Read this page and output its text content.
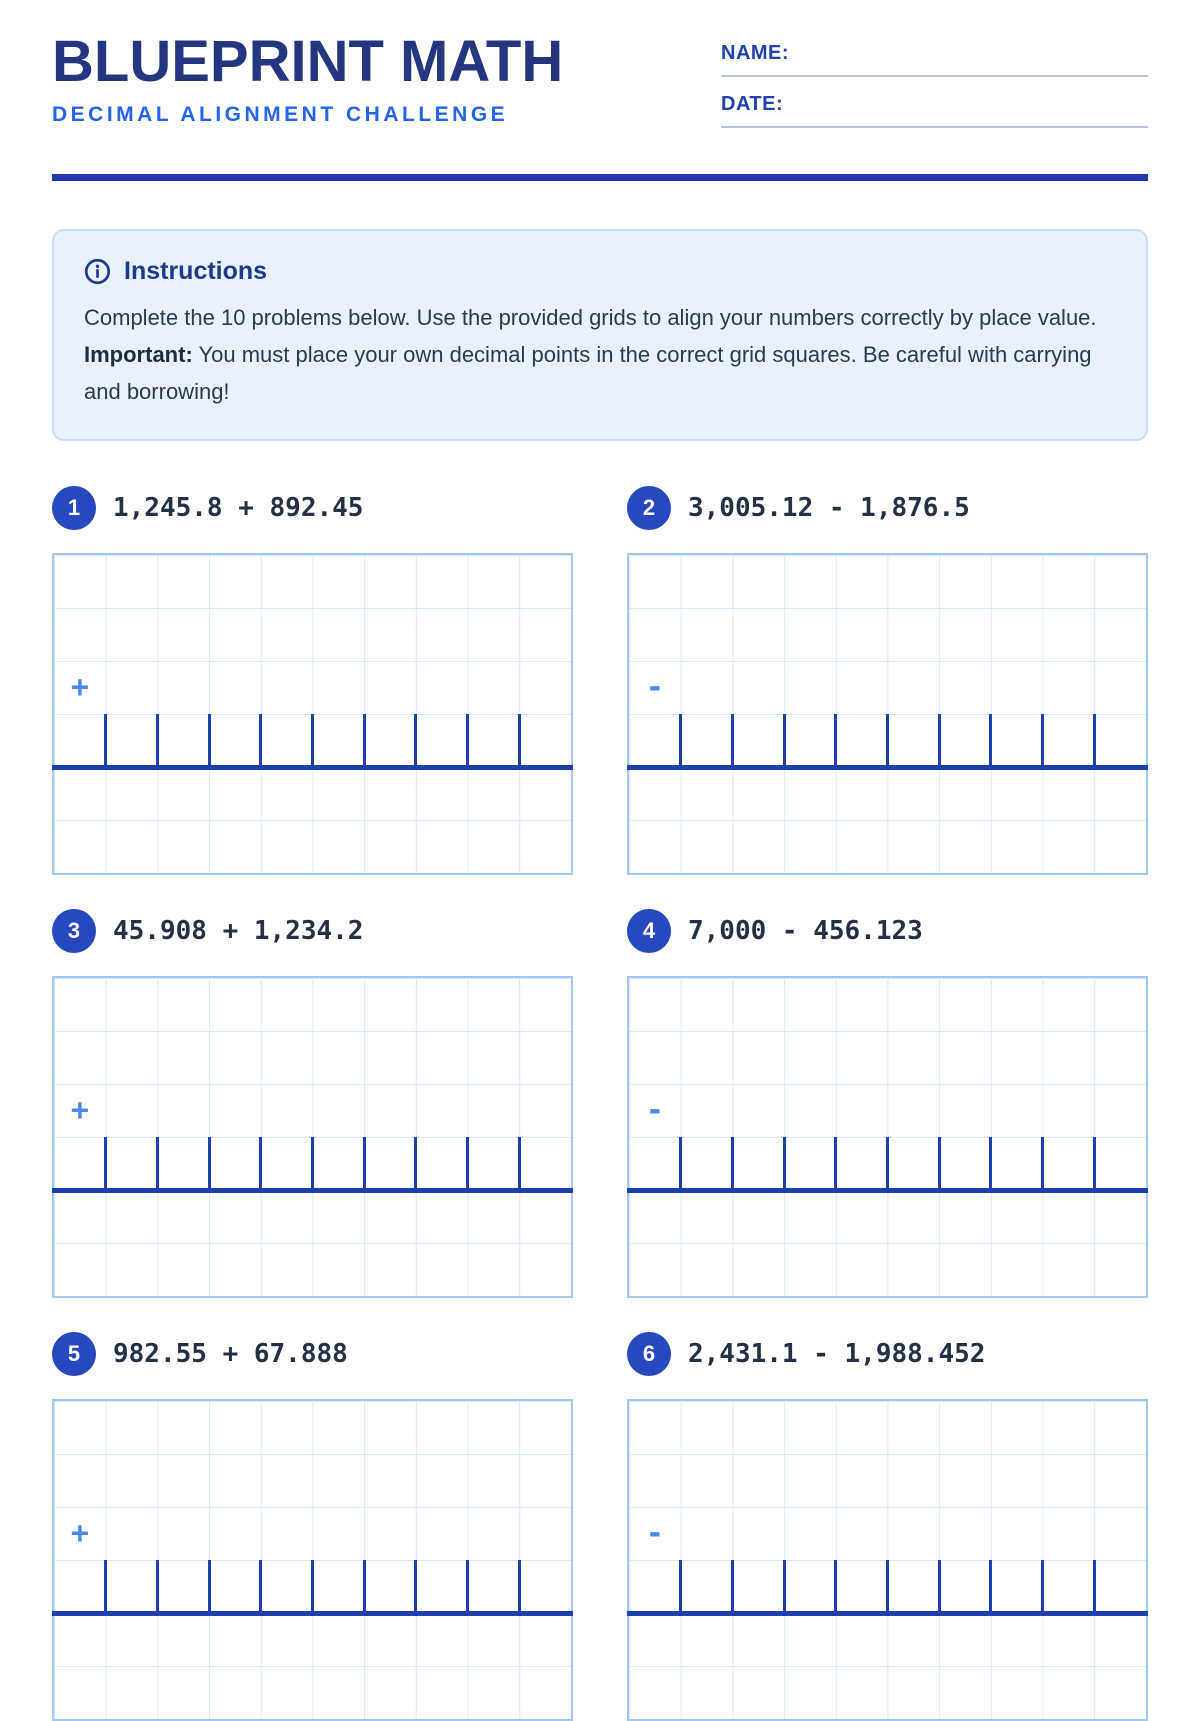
BLUEPRINT MATH
DECIMAL ALIGNMENT CHALLENGE
NAME:
DATE:
Instructions

Complete the 10 problems below. Use the provided grids to align your numbers correctly by place value. Important: You must place your own decimal points in the correct grid squares. Be careful with carrying and borrowing!

1	1,245.8 + 892.45
+
2	3,005.12 - 1,876.5
-
3	45.908 + 1,234.2
+
4	7,000 - 456.123
-
5	982.55 + 67.888
+
6	2,431.1 - 1,988.452
-
